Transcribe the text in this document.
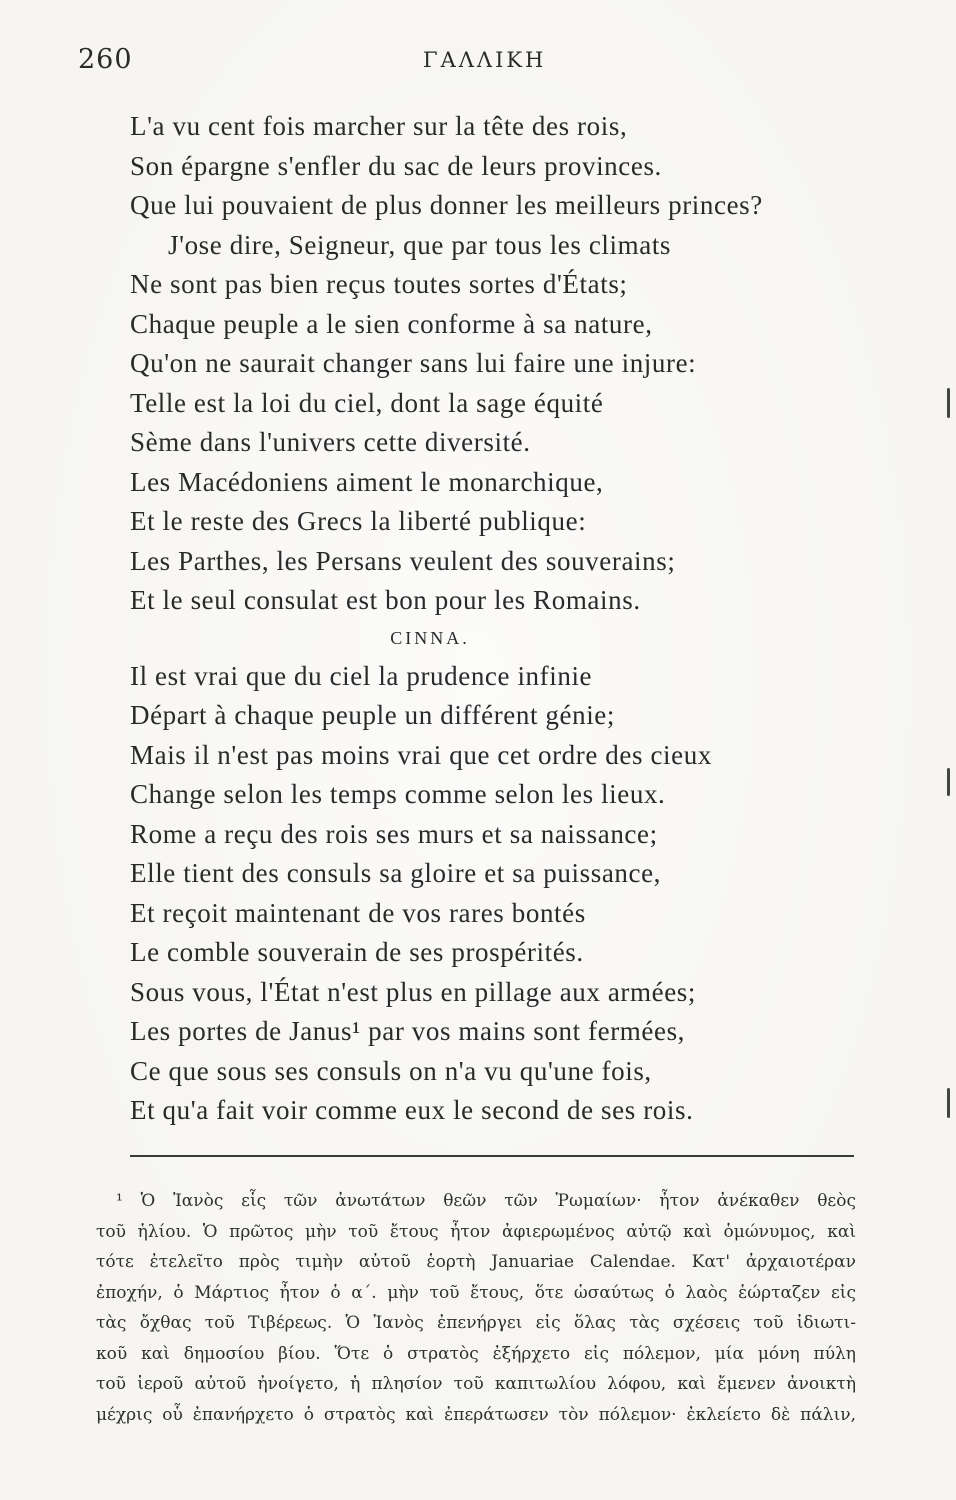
260	ΓΑΛΛΙΚΗ
L'a vu cent fois marcher sur la tête des rois,
Son épargne s'enfler du sac de leurs provinces.
Que lui pouvaient de plus donner les meilleurs princes?
J'ose dire, Seigneur, que par tous les climats
Ne sont pas bien reçus toutes sortes d'États;
Chaque peuple a le sien conforme à sa nature,
Qu'on ne saurait changer sans lui faire une injure:
Telle est la loi du ciel, dont la sage équité
Sème dans l'univers cette diversité.
Les Macédoniens aiment le monarchique,
Et le reste des Grecs la liberté publique:
Les Parthes, les Persans veulent des souverains;
Et le seul consulat est bon pour les Romains.
CINNA.
Il est vrai que du ciel la prudence infinie
Départ à chaque peuple un différent génie;
Mais il n'est pas moins vrai que cet ordre des cieux
Change selon les temps comme selon les lieux.
Rome a reçu des rois ses murs et sa naissance;
Elle tient des consuls sa gloire et sa puissance,
Et reçoit maintenant de vos rares bontés
Le comble souverain de ses prospérités.
Sous vous, l'État n'est plus en pillage aux armées;
Les portes de Janus¹ par vos mains sont fermées,
Ce que sous ses consuls on n'a vu qu'une fois,
Et qu'a fait voir comme eux le second de ses rois.
¹ Ὁ Ἰανὸς εἷς τῶν ἀνωτάτων θεῶν τῶν Ῥωμαίων· ἦτον ἀνέκαθεν θεὸς
τοῦ ἡλίου. Ὁ πρῶτος μὴν τοῦ ἔτους ἦτον ἀφιερωμένος αὐτῷ καὶ ὁμώνυμος, καὶ
τότε ἐτελεῖτο πρὸς τιμὴν αὐτοῦ ἑορτὴ Januariae Calendae. Κατ' ἀρχαιοτέραν
ἐποχήν, ὁ Μάρτιος ἦτον ὁ α΄. μὴν τοῦ ἔτους, ὅτε ὡσαύτως ὁ λαὸς ἑώρταζεν εἰς
τὰς ὄχθας τοῦ Τιβέρεως. Ὁ Ἰανὸς ἐπενήργει εἰς ὅλας τὰς σχέσεις τοῦ ἰδιωτι-
κοῦ καὶ δημοσίου βίου. Ὅτε ὁ στρατὸς ἐξήρχετο εἰς πόλεμον, μία μόνη πύλη
τοῦ ἱεροῦ αὐτοῦ ἠνοίγετο, ἡ πλησίον τοῦ καπιτωλίου λόφου, καὶ ἔμενεν ἀνοικτὴ
μέχρις οὗ ἐπανήρχετο ὁ στρατὸς καὶ ἐπεράτωσεν τὸν πόλεμον· ἐκλείετο δὲ πάλιν,
